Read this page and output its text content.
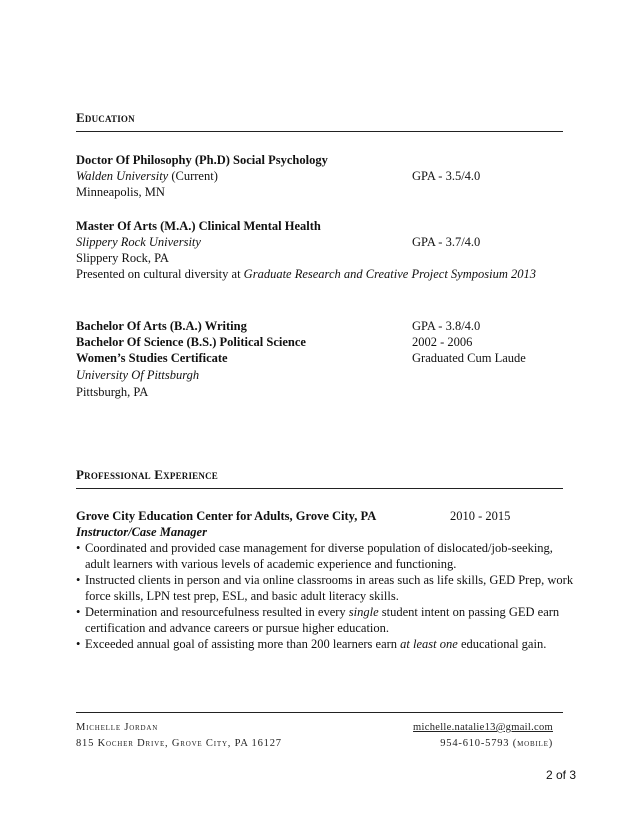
Education
Doctor Of Philosophy (Ph.D) Social Psychology
Walden University (Current)	GPA - 3.5/4.0
Minneapolis, MN
Master Of Arts (M.A.) Clinical Mental Health
Slippery Rock University	GPA - 3.7/4.0
Slippery Rock, PA
Presented on cultural diversity at Graduate Research and Creative Project Symposium 2013
Bachelor Of Arts (B.A.) Writing	GPA - 3.8/4.0
Bachelor Of Science (B.S.) Political Science	2002 - 2006
Women’s Studies Certificate	Graduated Cum Laude
University Of Pittsburgh
Pittsburgh, PA
Professional Experience
Grove City Education Center for Adults, Grove City, PA	2010 - 2015
Instructor/Case Manager
• Coordinated and provided case management for diverse population of dislocated/job-seeking, adult learners with various levels of academic experience and functioning.
• Instructed clients in person and via online classrooms in areas such as life skills, GED Prep, work force skills, LPN test prep, ESL, and basic adult literacy skills.
• Determination and resourcefulness resulted in every single student intent on passing GED earn certification and advance careers or pursue higher education.
• Exceeded annual goal of assisting more than 200 learners earn at least one educational gain.
Michelle Jordan	michelle.natalie13@gmail.com
815 Kocher Drive, Grove City, PA 16127	954-610-5793 (mobile)
2 of 3
